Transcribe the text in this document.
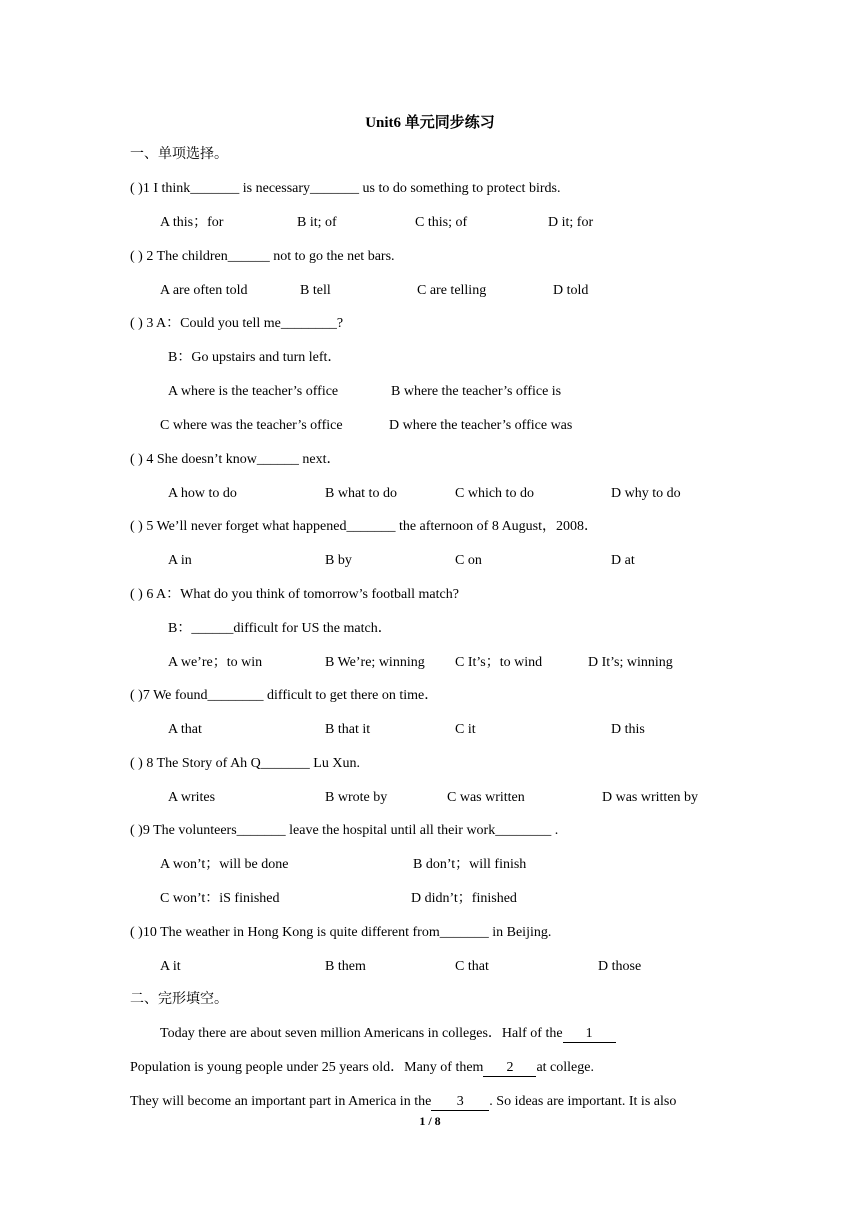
Unit6 单元同步练习
一、单项选择。
( )1 I think_______ is necessary_______ us to do something to protect birds.
A this；for	B it; of	C this; of	D it; for
( ) 2 The children______ not to go the net bars.
A are often told	B tell	C are telling	D told
( ) 3 A：Could you tell me________?
B：Go upstairs and turn left．
A where is the teacher’s office	B where the teacher’s office is
C where was the teacher’s office	D where the teacher’s office was
( ) 4 She doesn’t know______ next．
A how to do	B what to do	C which to do	D why to do
( ) 5 We’ll never forget what happened_______ the afternoon of 8 August，2008．
A in	B by	C on	D at
( ) 6 A：What do you think of tomorrow’s football match?
B：______difficult for US the match．
A we’re；to win	B We’re; winning C It’s；to wind	D It’s; winning
( )7 We found________ difficult to get there on time．
A that	B that it	C it	D this
( ) 8 The Story of Ah Q_______ Lu Xun.
A writes	B wrote by	C was written	D was written by
( )9 The volunteers_______ leave the hospital until all their work________ .
A won’t；will be done	B don’t；will finish
C won’t：iS finished	D didn’t；finished
( )10 The weather in Hong Kong is quite different from_______ in Beijing.
A it	B them	C that	D those
二、完形填空。
Today there are about seven million Americans in colleges．Half of the 1
Population is young people under 25 years old．Many of them 2 at college.
They will become an important part in America in the 3 . So ideas are important. It is also
1 / 8
